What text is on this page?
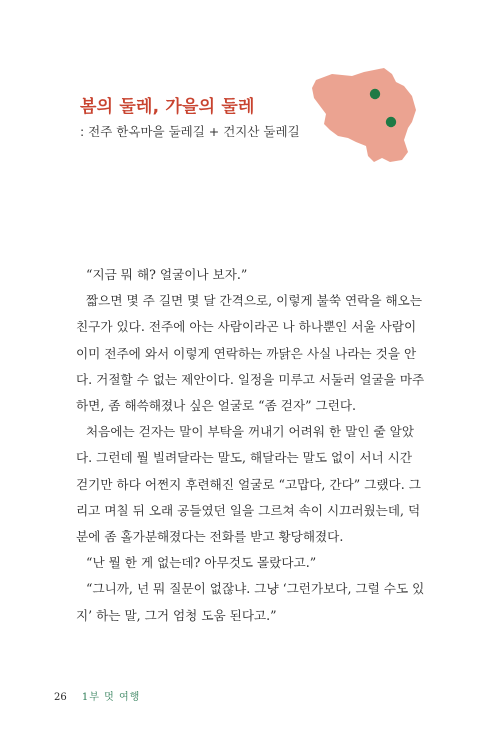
봄의 둘레, 가을의 둘레
: 전주 한옥마을 둘레길 + 건지산 둘레길

“지금 뭐 해? 얼굴이나 보자.”

짧으면 몇 주 길면 몇 달 간격으로, 이렇게 불쑥 연락을 해오는

친구가 있다. 전주에 아는 사람이라곤 나 하나뿐인 서울 사람이

이미 전주에 와서 이렇게 연락하는 까닭은 사실 나라는 것을 안

다. 거절할 수 없는 제안이다. 일정을 미루고 서둘러 얼굴을 마주

하면, 좀 해쓱해졌나 싶은 얼굴로 “좀 걷자” 그런다.

처음에는 걷자는 말이 부탁을 꺼내기 어려워 한 말인 줄 알았

다. 그런데 뭘 빌려달라는 말도, 해달라는 말도 없이 서너 시간

걷기만 하다 어쩐지 후련해진 얼굴로 “고맙다, 간다” 그랬다. 그

리고 며칠 뒤 오래 공들였던 일을 그르쳐 속이 시끄러웠는데, 덕

분에 좀 홀가분해졌다는 전화를 받고 황당해졌다.

“난 뭘 한 게 없는데? 아무것도 몰랐다고.”

“그니까, 넌 뭐 질문이 없잖냐. 그냥 ‘그런가보다, 그럴 수도 있

지’ 하는 말, 그거 엄청 도움 된다고.”

26 1부 멋 여행
